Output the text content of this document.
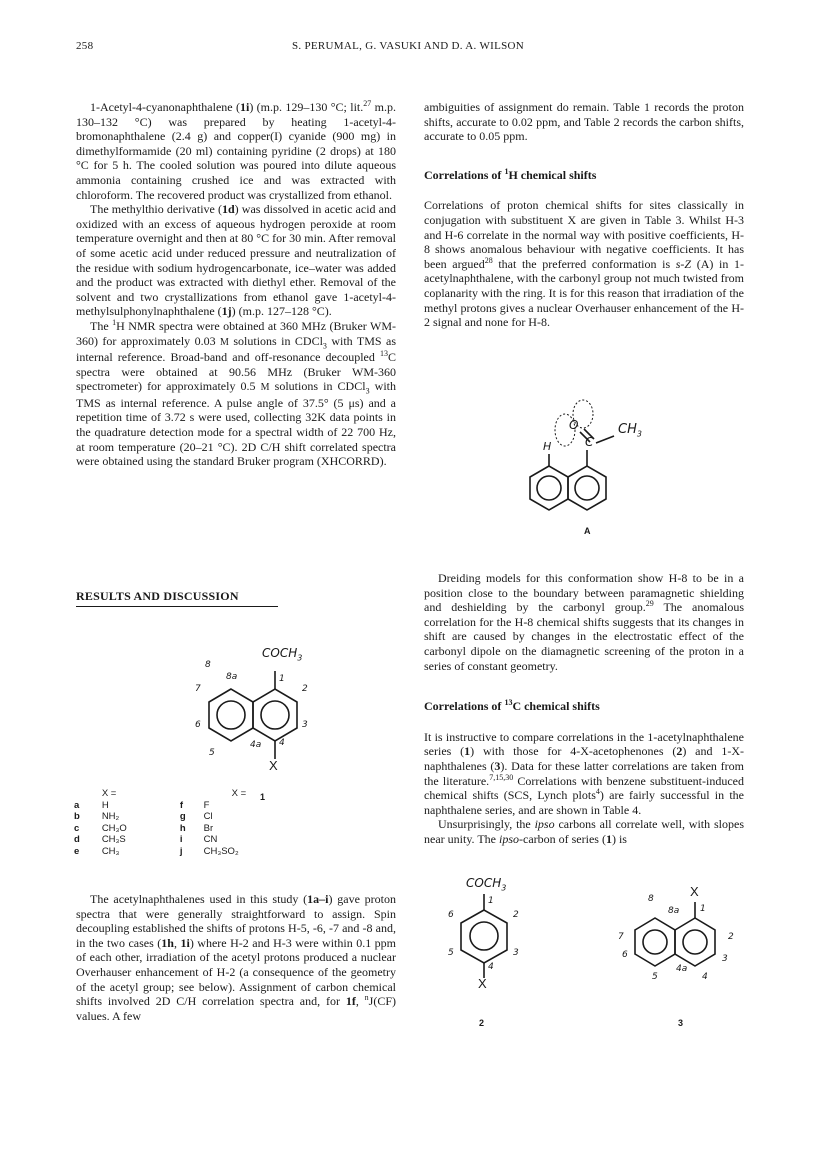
258	S. PERUMAL, G. VASUKI AND D. A. WILSON

1-Acetyl-4-cyanonaphthalene (1i) (m.p. 129–130 °C; lit.$^{27}$ m.p. 130–132 °C) was prepared by heating 1-acetyl-4-bromonaphthalene (2.4 g) and copper(I) cyanide (900 mg) in dimethylformamide (20 ml) containing pyridine (2 drops) at 180 °C for 5 h. The cooled solution was poured into dilute aqueous ammonia containing crushed ice and was extracted with chloroform. The recovered product was crystallized from ethanol.

The methylthio derivative (1d) was dissolved in acetic acid and oxidized with an excess of aqueous hydrogen peroxide at room temperature overnight and then at 80 °C for 30 min. After removal of some acetic acid under reduced pressure and neutralization of the residue with sodium hydrogencarbonate, ice–water was added and the product was extracted with diethyl ether. Removal of the solvent and two crystallizations from ethanol gave 1-acetyl-4-methylsulphonylnaphthalene (1j) (m.p. 127–128 °C).

The $^1$H NMR spectra were obtained at 360 MHz (Bruker WM-360) for approximately 0.03 M solutions in CDCl$_3$ with TMS as internal reference. Broad-band and off-resonance decoupled $^{13}$C spectra were obtained at 90.56 MHz (Bruker WM-360 spectrometer) for approximately 0.5 M solutions in CDCl$_3$ with TMS as internal reference. A pulse angle of 37.5° (5 μs) and a repetition time of 3.72 s were used, collecting 32K data points in the quadrature detection mode for a spectral width of 22 700 Hz, at room temperature (20–21 °C). 2D C/H shift correlated spectra were obtained using the standard Bruker program (XHCORRD).

RESULTS AND DISCUSSION
$COCH_3$
8
8a	1
2
3
4
4a
5
6
7
X
1
	X =		X =
a	H	f	F
b	NH₂	g	Cl
c	CH₃O	h	Br
d	CH₃S	i	CN
e	CH₃	j	CH₃SO₂

The acetylnaphthalenes used in this study (1a–i) gave proton spectra that were generally straightforward to assign. Spin decoupling established the shifts of protons H-5, -6, -7 and -8 and, in the two cases (1h, 1i) where H-2 and H-3 were within 0.1 ppm of each other, irradiation of the acetyl protons produced a nuclear Overhauser enhancement of H-2 (a consequence of the geometry of the acetyl group; see below). Assignment of carbon chemical shifts involved 2D C/H correlation spectra and, for 1f, $^n$J(CF) values. A few

ambiguities of assignment do remain. Table 1 records the proton shifts, accurate to 0.02 ppm, and Table 2 records the carbon shifts, accurate to 0.05 ppm.

Correlations of $^1$H chemical shifts

Correlations of proton chemical shifts for sites classically in conjugation with substituent X are given in Table 3. Whilst H-3 and H-6 correlate in the normal way with positive coefficients, H-8 shows anomalous behaviour with negative coefficients. It has been argued$^{28}$ that the preferred conformation is s-Z (A) in 1-acetylnaphthalene, with the carbonyl group not much twisted from coplanarity with the ring. It is for this reason that irradiation of the methyl protons gives a nuclear Overhauser enhancement of the H-2 signal and none for H-8.

O
C
$CH_3$
H
A

Dreiding models for this conformation show H-8 to be in a position close to the boundary between paramagnetic shielding and deshielding by the carbonyl group.$^{29}$ The anomalous correlation for the H-8 chemical shifts suggests that its changes in shift are caused by changes in the electrostatic effect of the carbonyl dipole on the diamagnetic screening of the proton in a series of constant geometry.

Correlations of $^{13}$C chemical shifts

It is instructive to compare correlations in the 1-acetylnaphthalene series (1) with those for 4-X-acetophenones (2) and 1-X-naphthalenes (3). Data for these latter correlations are taken from the literature.$^{7,15,30}$ Correlations with benzene substituent-induced chemical shifts (SCS, Lynch plots$^4$) are fairly successful in the naphthalene series, and are shown in Table 4.

Unsurprisingly, the ipso carbons all correlate well, with slopes near unity. The ipso-carbon of series (1) is

$COCH_3$
1
2
3
4
5
6
X
2
X
8
8a 1
2
3
4
4a
5
6
7
3
